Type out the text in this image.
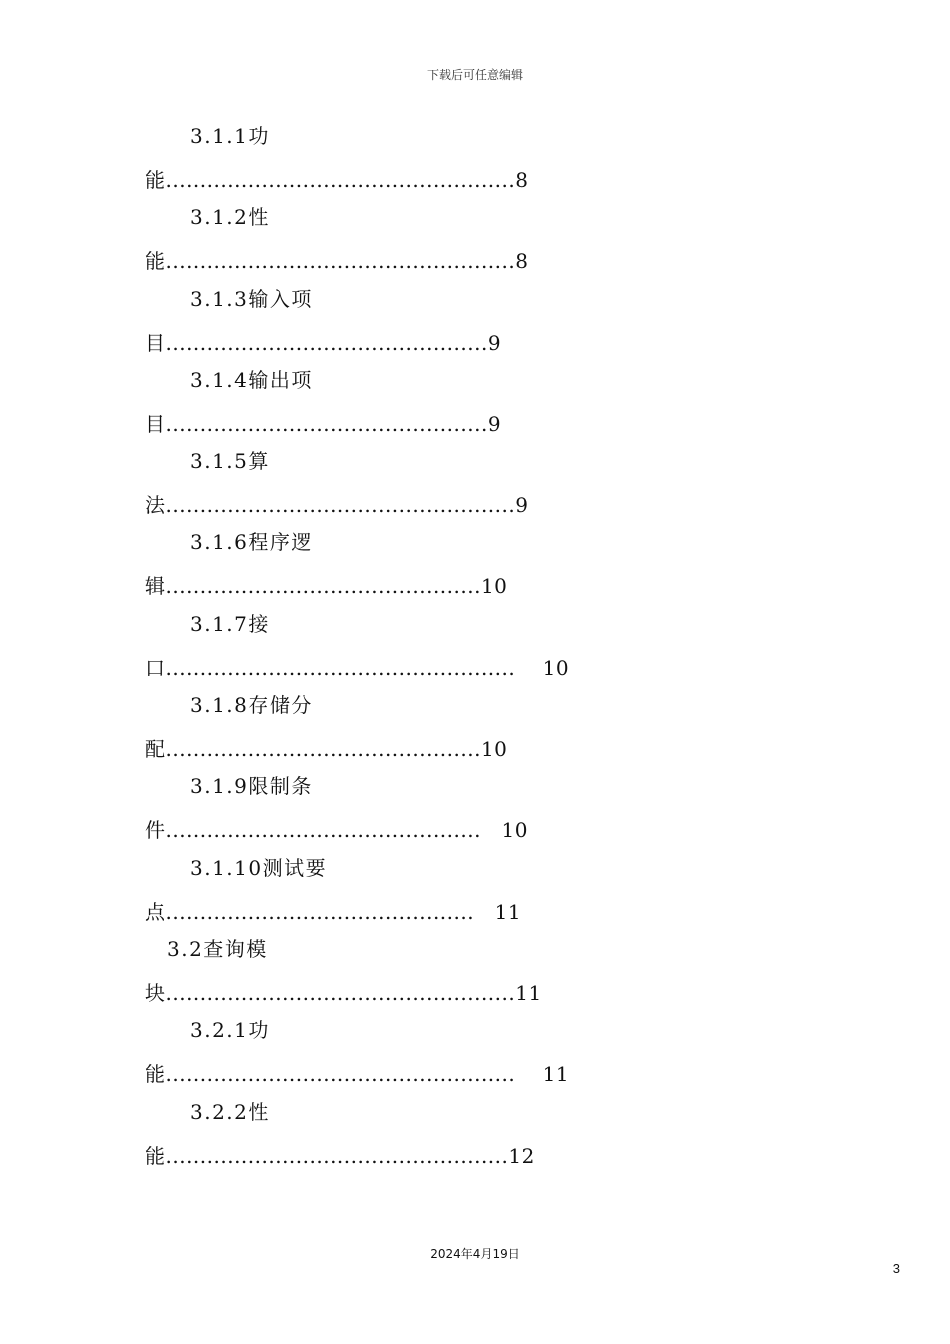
下载后可任意编辑
3.1.1功
能...................................................8
3.1.2性
能...................................................8
3.1.3输入项
目...............................................9
3.1.4输出项
目...............................................9
3.1.5算
法...................................................9
3.1.6程序逻
辑..............................................10
3.1.7接
口................................................... 10
3.1.8存储分
配..............................................10
3.1.9限制条
件.............................................. 10
3.1.10测试要
点............................................. 11
3.2查询模
块...................................................11
3.2.1功
能................................................... 11
3.2.2性
能..................................................12
3
2024年4月19日
